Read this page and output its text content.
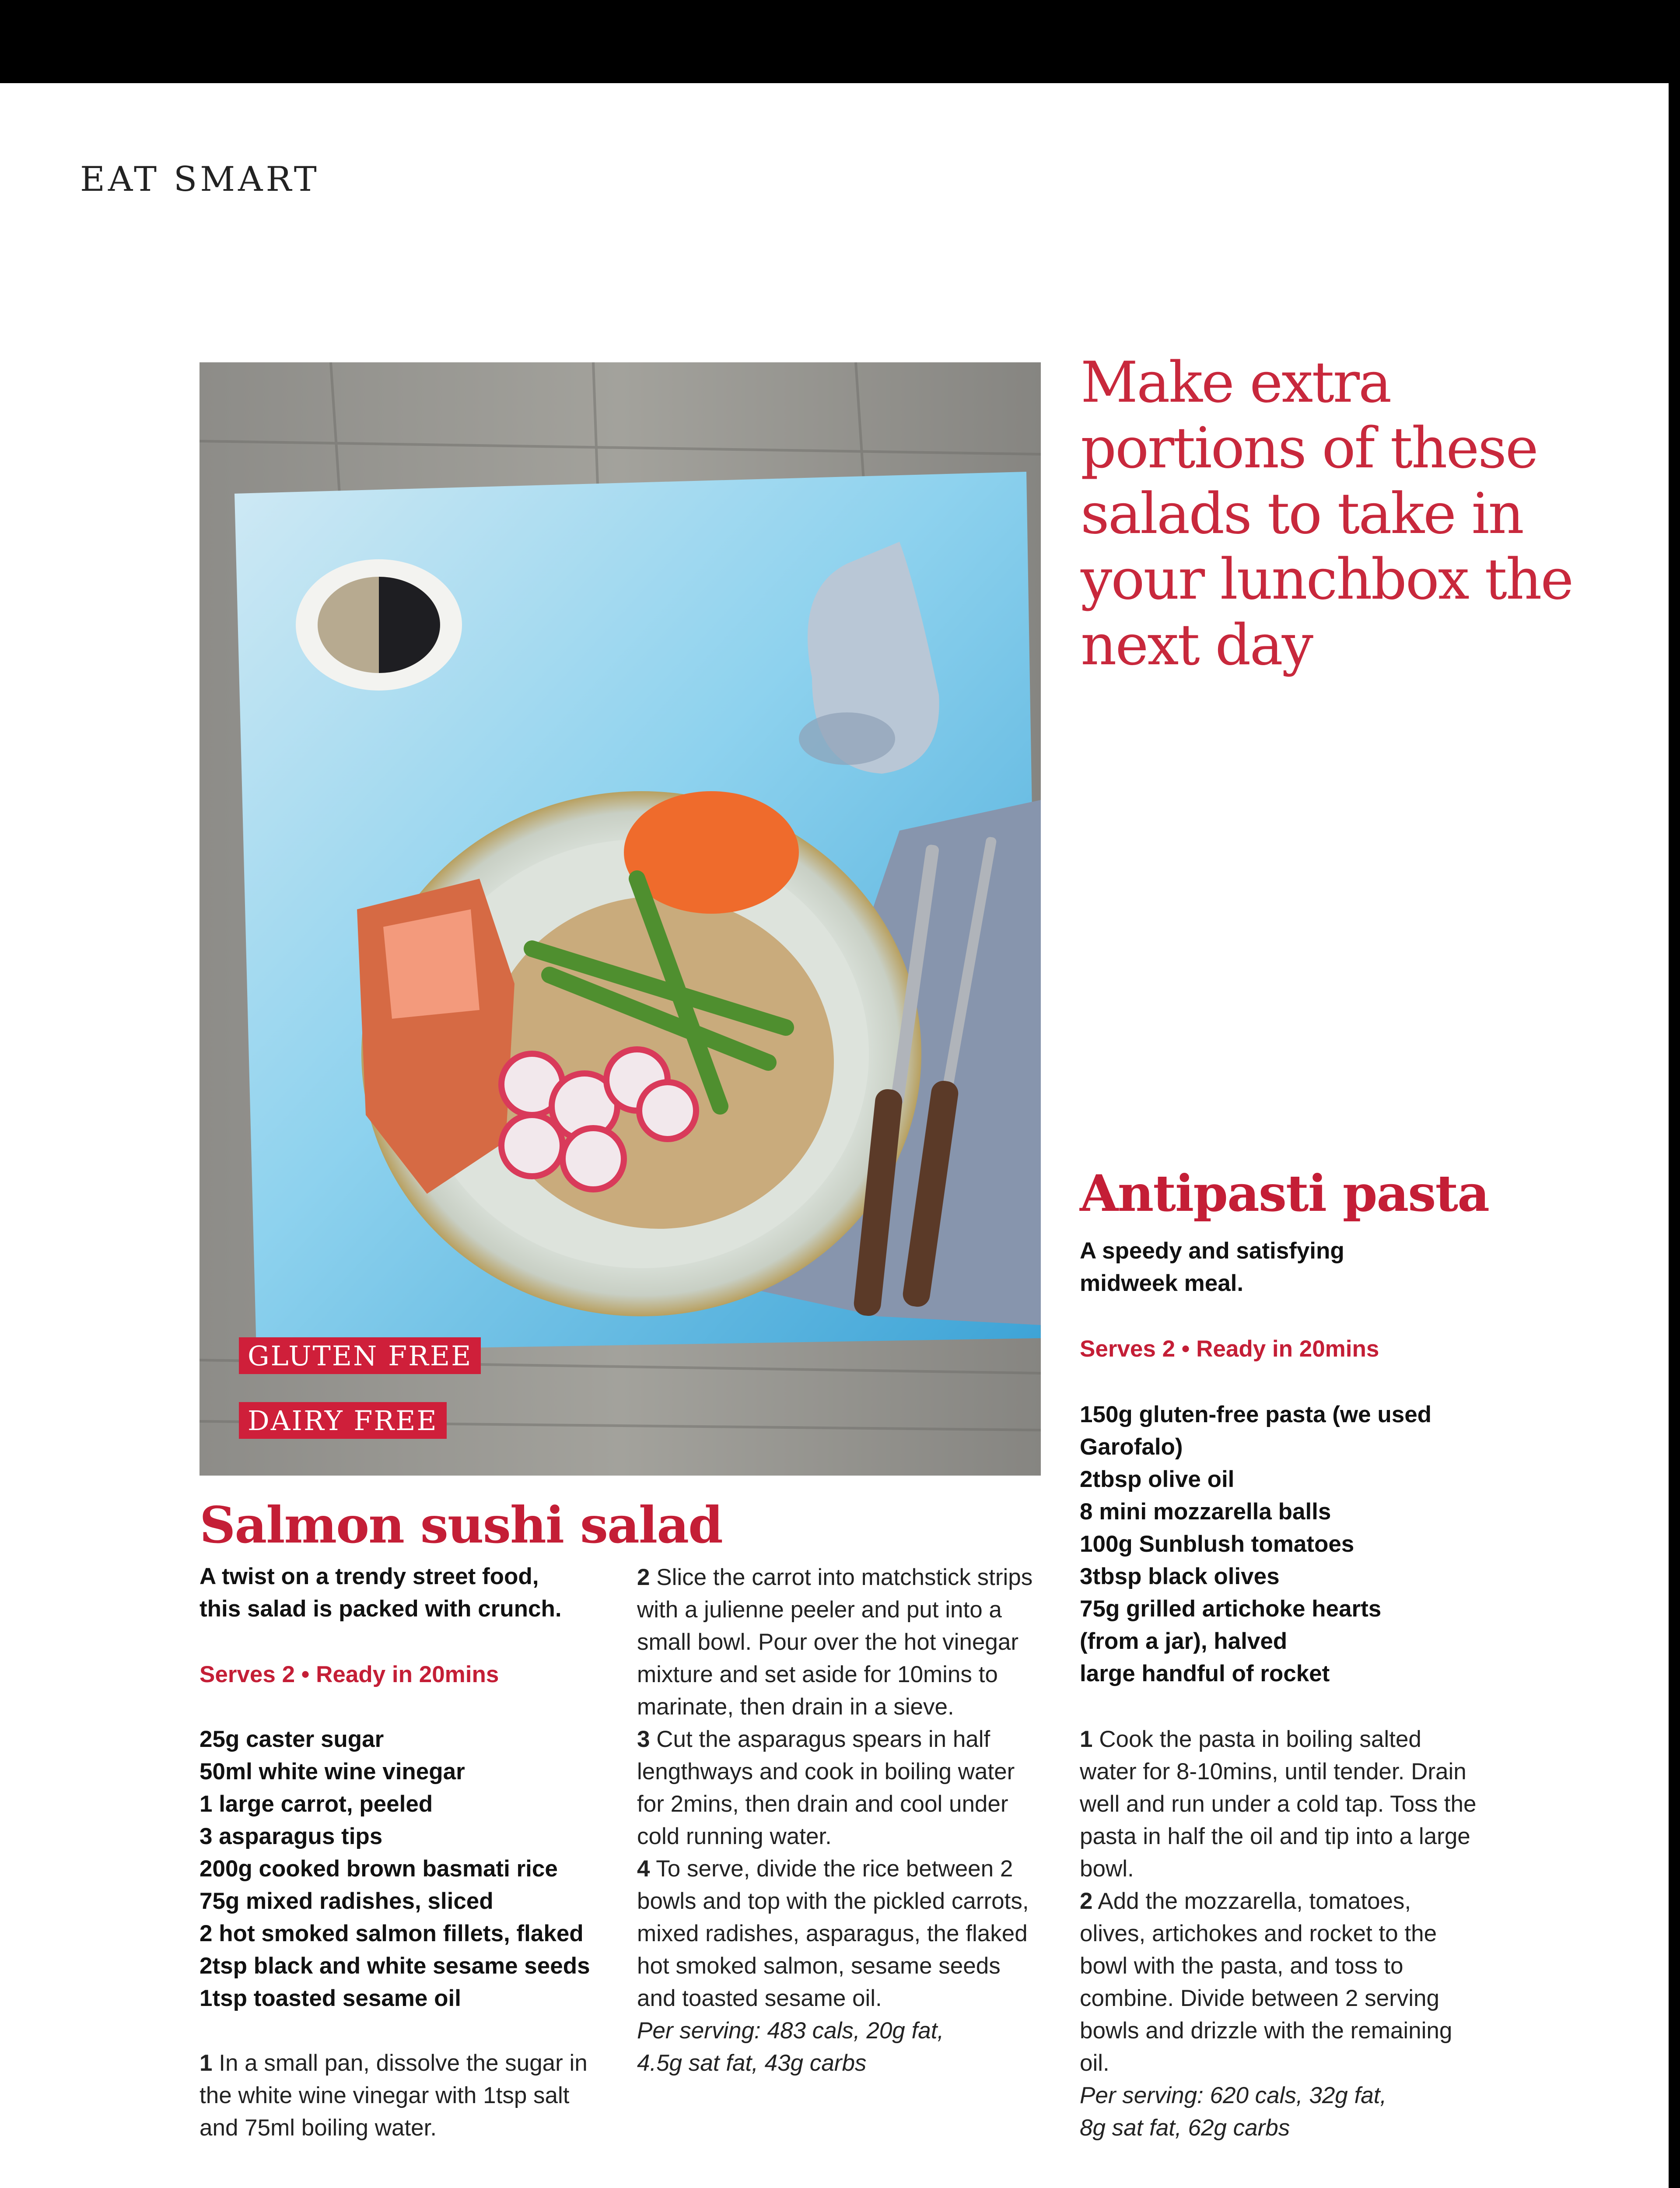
EAT SMART
GLUTEN FREE
DAIRY FREE
Make extra portions of these salads to take in your lunchbox the next day
Salmon sushi salad
A twist on a trendy street food,
this salad is packed with crunch.
Serves 2 • Ready in 20mins
25g caster sugar
50ml white wine vinegar
1 large carrot, peeled
3 asparagus tips
200g cooked brown basmati rice
75g mixed radishes, sliced
2 hot smoked salmon fillets, flaked
2tsp black and white sesame seeds
1tsp toasted sesame oil

1 In a small pan, dissolve the sugar in the white wine vinegar with 1tsp salt and 75ml boiling water.

2 Slice the carrot into matchstick strips with a julienne peeler and put into a small bowl. Pour over the hot vinegar mixture and set aside for 10mins to marinate, then drain in a sieve.

3 Cut the asparagus spears in half lengthways and cook in boiling water for 2mins, then drain and cool under cold running water.

4 To serve, divide the rice between 2 bowls and top with the pickled carrots, mixed radishes, asparagus, the flaked hot smoked salmon, sesame seeds and toasted sesame oil.

Per serving: 483 cals, 20g fat,
4.5g sat fat, 43g carbs

Antipasti pasta
A speedy and satisfying
midweek meal.
Serves 2 • Ready in 20mins
150g gluten-free pasta (we used
Garofalo)
2tbsp olive oil
8 mini mozzarella balls
100g Sunblush tomatoes
3tbsp black olives
75g grilled artichoke hearts
(from a jar), halved
large handful of rocket

1 Cook the pasta in boiling salted water for 8-10mins, until tender. Drain well and run under a cold tap. Toss the pasta in half the oil and tip into a large bowl.

2 Add the mozzarella, tomatoes, olives, artichokes and rocket to the bowl with the pasta, and toss to combine. Divide between 2 serving bowls and drizzle with the remaining oil.

Per serving: 620 cals, 32g fat,
8g sat fat, 62g carbs
